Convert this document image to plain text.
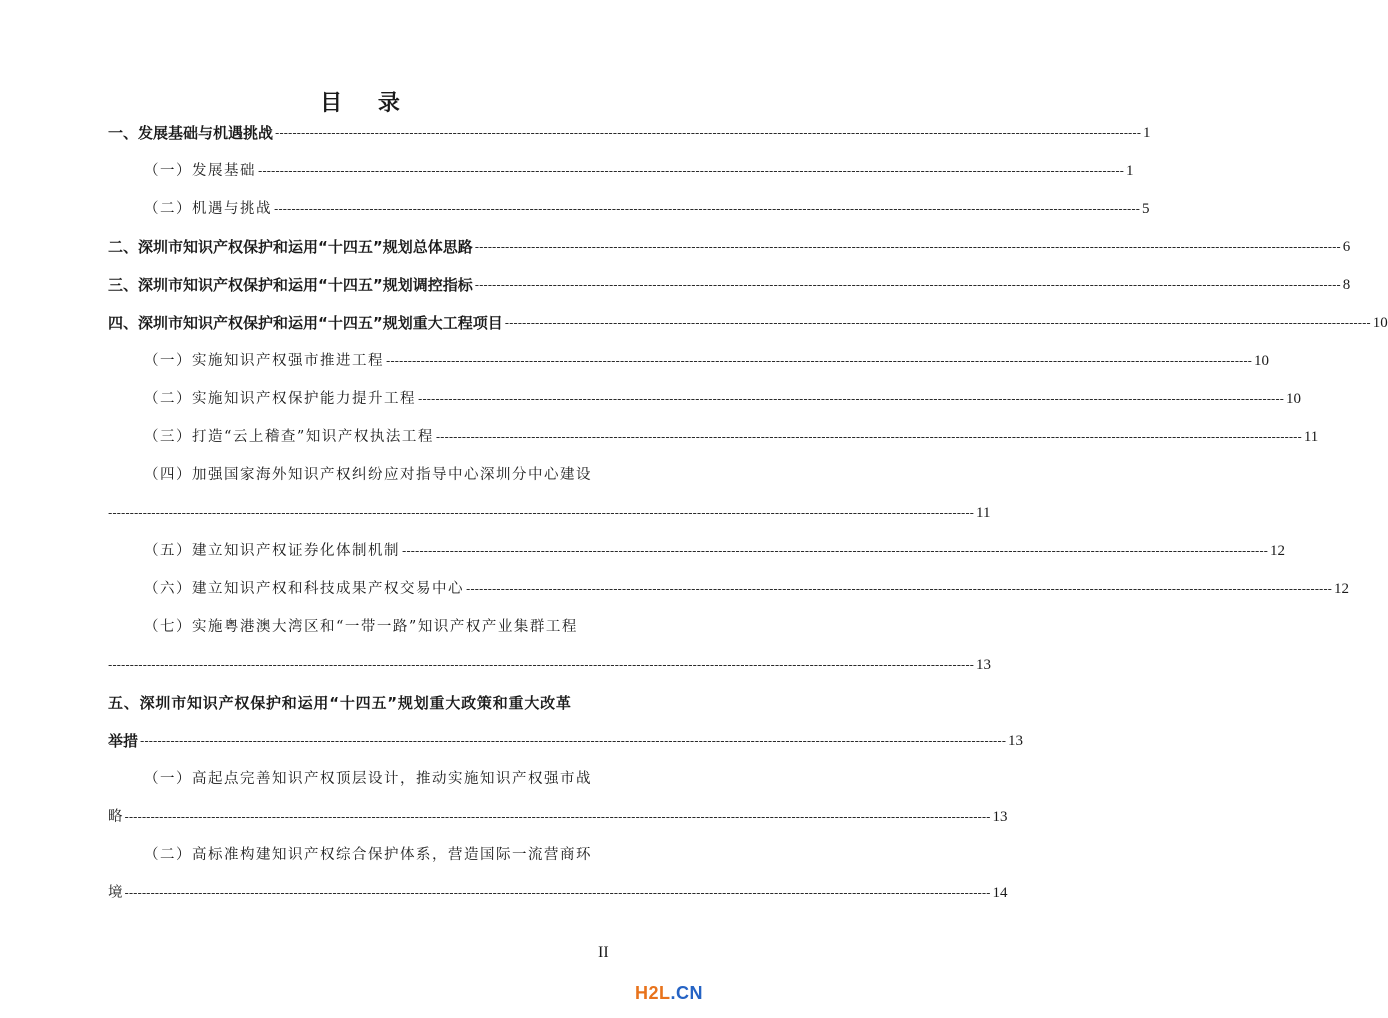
目 录
一、发展基础与机遇挑战 -------------------------------------------------------------------------------------------------------------------------------------------------------------------------------------------------------- 1
（一）发展基础 -------------------------------------------------------------------------------------------------------------------------------------------------------------------------------------------------------- 1
（二）机遇与挑战 -------------------------------------------------------------------------------------------------------------------------------------------------------------------------------------------------------- 5
二、深圳市知识产权保护和运用“十四五”规划总体思路 -------------------------------------------------------------------------------------------------------------------------------------------------------------------------------------------------------- 6
三、深圳市知识产权保护和运用“十四五”规划调控指标 -------------------------------------------------------------------------------------------------------------------------------------------------------------------------------------------------------- 8
四、深圳市知识产权保护和运用“十四五”规划重大工程项目 -------------------------------------------------------------------------------------------------------------------------------------------------------------------------------------------------------- 10
（一）实施知识产权强市推进工程 -------------------------------------------------------------------------------------------------------------------------------------------------------------------------------------------------------- 10
（二）实施知识产权保护能力提升工程 -------------------------------------------------------------------------------------------------------------------------------------------------------------------------------------------------------- 10
（三）打造“云上稽查”知识产权执法工程 -------------------------------------------------------------------------------------------------------------------------------------------------------------------------------------------------------- 11
（四）加强国家海外知识产权纠纷应对指导中心深圳分中心建设
-------------------------------------------------------------------------------------------------------------------------------------------------------------------------------------------------------- 11
（五）建立知识产权证券化体制机制 -------------------------------------------------------------------------------------------------------------------------------------------------------------------------------------------------------- 12
（六）建立知识产权和科技成果产权交易中心 -------------------------------------------------------------------------------------------------------------------------------------------------------------------------------------------------------- 12
（七）实施粤港澳大湾区和“一带一路”知识产权产业集群工程
-------------------------------------------------------------------------------------------------------------------------------------------------------------------------------------------------------- 13
五、深圳市知识产权保护和运用“十四五”规划重大政策和重大改革
举措 -------------------------------------------------------------------------------------------------------------------------------------------------------------------------------------------------------- 13
（一）高起点完善知识产权顶层设计，推动实施知识产权强市战
略 -------------------------------------------------------------------------------------------------------------------------------------------------------------------------------------------------------- 13
（二）高标准构建知识产权综合保护体系，营造国际一流营商环
境 -------------------------------------------------------------------------------------------------------------------------------------------------------------------------------------------------------- 14
II
H2L.CN
